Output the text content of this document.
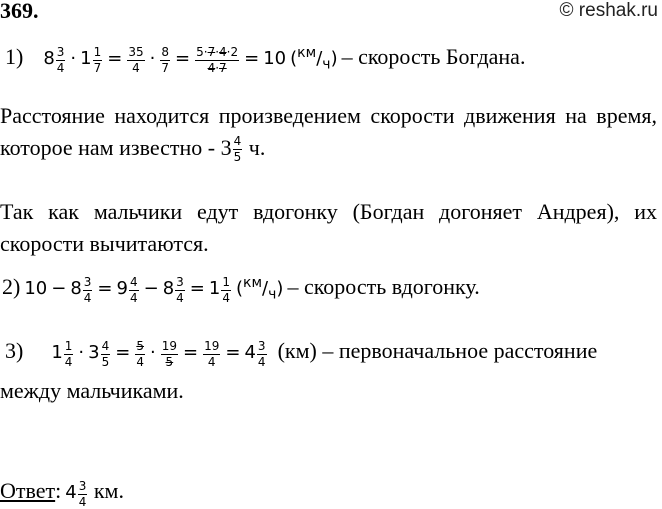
369.	© reshak.ru
1) $8 \frac{3}{4} \cdot 1 \frac{1}{7} = \frac{35}{4} \cdot \frac{8}{7} = \frac{5\cdot 7\cdot 4\cdot 2}{4\cdot 7} = 10$ $(^{км}/_ч)$ – скорость Богдана.
Расстояние находится произведением скорости движения на время, которое нам известно - $3 \frac{4}{5} ч$.
Так как мальчики едут вдогонку (Богдан догоняет Андрея), их скорости вычитаются.
2) $10 - 8 \frac{3}{4} = 9 \frac{4}{4} - 8 \frac{3}{4} = 1 \frac{1}{4} (^{км}/_ч)$ – скорость вдогонку.
3) $1 \frac{1}{4} \cdot 3 \frac{4}{5} = \frac{5}{4} \cdot \frac{19}{5} = \frac{19}{4} = 4 \frac{3}{4} (км)$ – первоначальное расстояние
между мальчиками.
Ответ: $4 \frac{3}{4}$ км.
